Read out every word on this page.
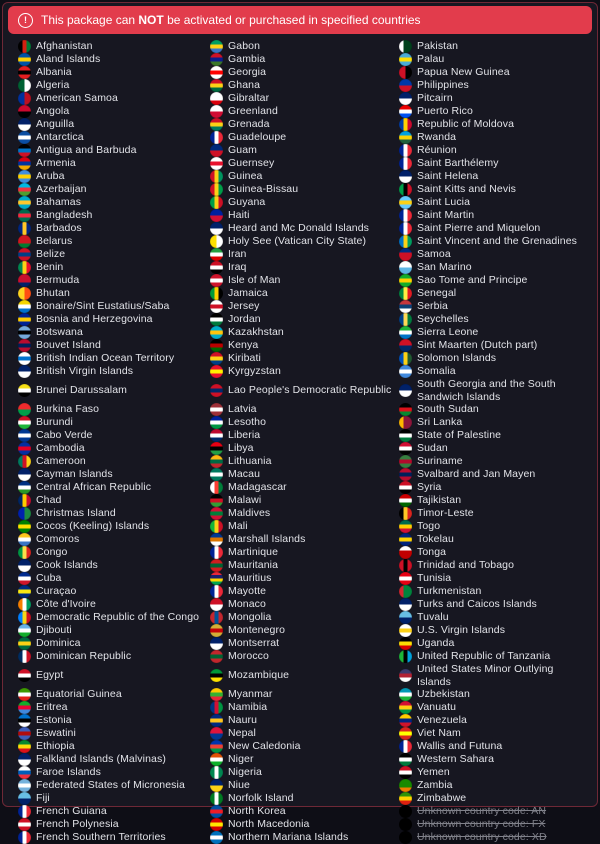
!	This package can NOT be activated or purchased in specified countries
Afghanistan
Aland Islands
Albania
Algeria
American Samoa
Angola
Anguilla
Antarctica
Antigua and Barbuda
Armenia
Aruba
Azerbaijan
Bahamas
Bangladesh
Barbados
Belarus
Belize
Benin
Bermuda
Bhutan
Bonaire/Sint Eustatius/Saba
Bosnia and Herzegovina
Botswana
Bouvet Island
British Indian Ocean Territory
British Virgin Islands
Brunei Darussalam
Burkina Faso
Burundi
Cabo Verde
Cambodia
Cameroon
Cayman Islands
Central African Republic
Chad
Christmas Island
Cocos (Keeling) Islands
Comoros
Congo
Cook Islands
Cuba
Curaçao
Côte d'Ivoire
Democratic Republic of the Congo
Djibouti
Dominica
Dominican Republic
Egypt
Equatorial Guinea
Eritrea
Estonia
Eswatini
Ethiopia
Falkland Islands (Malvinas)
Faroe Islands
Federated States of Micronesia
Fiji
French Guiana
French Polynesia
French Southern Territories
Gabon
Gambia
Georgia
Ghana
Gibraltar
Greenland
Grenada
Guadeloupe
Guam
Guernsey
Guinea
Guinea-Bissau
Guyana
Haiti
Heard and Mc Donald Islands
Holy See (Vatican City State)
Iran
Iraq
Isle of Man
Jamaica
Jersey
Jordan
Kazakhstan
Kenya
Kiribati
Kyrgyzstan
Lao People's Democratic Republic
Latvia
Lesotho
Liberia
Libya
Lithuania
Macau
Madagascar
Malawi
Maldives
Mali
Marshall Islands
Martinique
Mauritania
Mauritius
Mayotte
Monaco
Mongolia
Montenegro
Montserrat
Morocco
Mozambique
Myanmar
Namibia
Nauru
Nepal
New Caledonia
Niger
Nigeria
Niue
Norfolk Island
North Korea
North Macedonia
Northern Mariana Islands
Pakistan
Palau
Papua New Guinea
Philippines
Pitcairn
Puerto Rico
Republic of Moldova
Rwanda
Réunion
Saint Barthélemy
Saint Helena
Saint Kitts and Nevis
Saint Lucia
Saint Martin
Saint Pierre and Miquelon
Saint Vincent and the Grenadines
Samoa
San Marino
Sao Tome and Principe
Senegal
Serbia
Seychelles
Sierra Leone
Sint Maarten (Dutch part)
Solomon Islands
Somalia
South Georgia and the South Sandwich Islands
South Sudan
Sri Lanka
State of Palestine
Sudan
Suriname
Svalbard and Jan Mayen
Syria
Tajikistan
Timor-Leste
Togo
Tokelau
Tonga
Trinidad and Tobago
Tunisia
Turkmenistan
Turks and Caicos Islands
Tuvalu
U.S. Virgin Islands
Uganda
United Republic of Tanzania
United States Minor Outlying Islands
Uzbekistan
Vanuatu
Venezuela
Viet Nam
Wallis and Futuna
Western Sahara
Yemen
Zambia
Zimbabwe
Unknown country code: AN
Unknown country code: FX
Unknown country code: XD
